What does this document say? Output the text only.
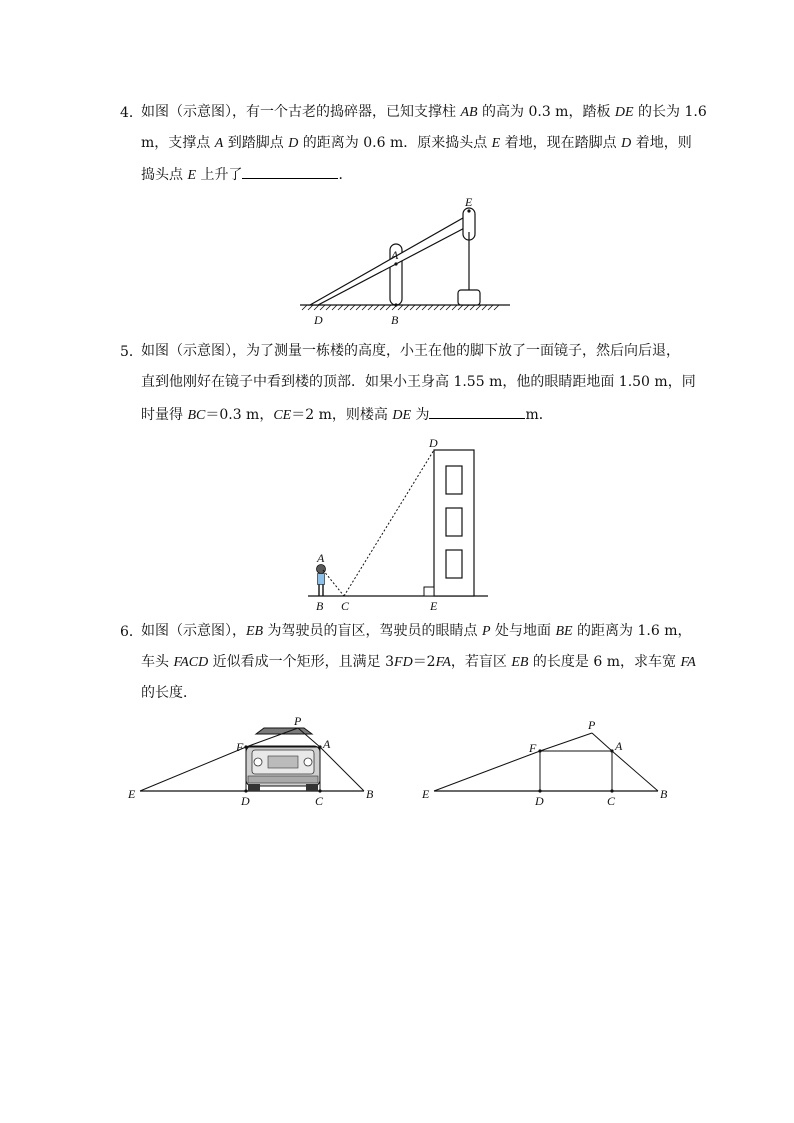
4．
如图（示意图），有一个古老的捣碎器，已知支撑柱 AB 的高为 0.3 m，踏板 DE 的长为 1.6
m，支撑点 A 到踏脚点 D 的距离为 0.6 m．原来捣头点 E 着地，现在踏脚点 D 着地，则
捣头点 E 上升了	．
E
A
D	B
5．
如图（示意图），为了测量一栋楼的高度，小王在他的脚下放了一面镜子，然后向后退，
直到他刚好在镜子中看到楼的顶部．如果小王身高 1.55 m，他的眼睛距地面 1.50 m，同
时量得 BC＝0.3 m，CE＝2 m，则楼高 DE 为	m．
D
A
B C	E
6．
如图（示意图），EB 为驾驶员的盲区，驾驶员的眼睛点 P 处与地面 BE 的距离为 1.6 m，
车头 FACD 近似看成一个矩形，且满足 3FD＝2FA，若盲区 EB 的长度是 6 m，求车宽 FA
的长度．
P
F	A
E	D	C	B
P
F	A
E	D	C	B
